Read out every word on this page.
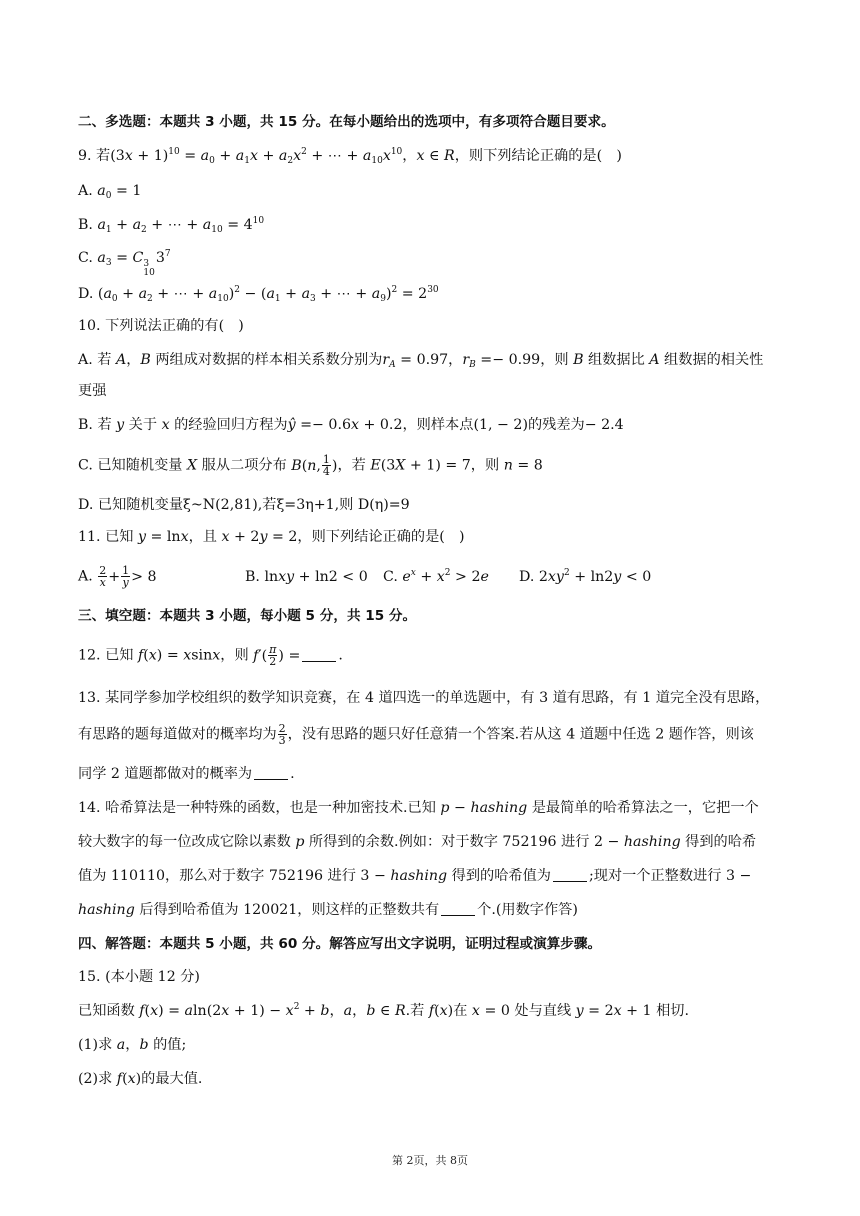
二、多选题：本题共 3 小题，共 15 分。在每小题给出的选项中，有多项符合题目要求。
9. 若$(3x + 1)^{10} = a_0 + a_1x + a_2x^2$ + ⋯ + $a_{10}x^{10}$，x ∈ R，则下列结论正确的是(　)
A. $a_0 = 1$
B. $a_1 + a_2$ + ⋯ + $a_{10} = 4^{10}$
C. $a_3 = C$ 3
10
$3^7$
D. ($a_0 + a_2$ + ⋯ + $a_{10})^2 - (a_1 + a_3$ + ⋯ + $a_9)^2 = 2^{30}$
10. 下列说法正确的有(　)
A. 若 A，B 两组成对数据的样本相关系数分别为$r_A = 0.97$，$r_B =- 0.99$，则 B 组数据比 A 组数据的相关性
更强
B. 若 y 关于 x 的经验回归方程为ŷ =− 0.6x + 0.2，则样本点(1, − 2)的残差为− 2.4
C. 已知随机变量 X 服从二项分布 B(n, $\frac{1}{4}$ )，若 E(3X + 1) = 7，则 n = 8
D. 已知随机变量ξ~N(2,81),若ξ=3η+1,则 D(η)=9
11. 已知 y = lnx，且 x + 2y = 2，则下列结论正确的是(　)
A. $\frac{2}{x} + \frac{1}{y} > 8$	B. lnxy + ln2 < 0 C. $e^x + x^2 > 2e$ D. $2xy^2 + \ln 2y < 0$
三、填空题：本题共 3 小题，每小题 5 分，共 15 分。
12. 已知 f(x) = xsinx，则 $f'( \frac{\pi}{2}$ ) =	.
13. 某同学参加学校组织的数学知识竞赛，在 4 道四选一的单选题中，有 3 道有思路，有 1 道完全没有思路，
有思路的题每道做对的概率均为 $\frac{2}{3}$ ，没有思路的题只好任意猜一个答案.若从这 4 道题中任选 2 题作答，则该
同学 2 道题都做对的概率为	.
14. 哈希算法是一种特殊的函数，也是一种加密技术.已知 p − hashing 是最简单的哈希算法之一，它把一个
较大数字的每一位改成它除以素数 p 所得到的余数.例如：对于数字 752196 进行 2 − hashing 得到的哈希
值为 110110，那么对于数字 752196 进行 3 − hashing 得到的哈希值为	;现对一个正整数进行 3 −
hashing 后得到哈希值为 120021，则这样的正整数共有	个.(用数字作答)
四、解答题：本题共 5 小题，共 60 分。解答应写出文字说明，证明过程或演算步骤。
15. (本小题 12 分)
已知函数 $f(x) = aln(2x + 1) - x^2 + b$，a，b ∈ R.若 f(x)在 x = 0 处与直线 y = 2x + 1 相切.
(1)求 a，b 的值;
(2)求 f(x)的最大值.
第 2页，共 8页
